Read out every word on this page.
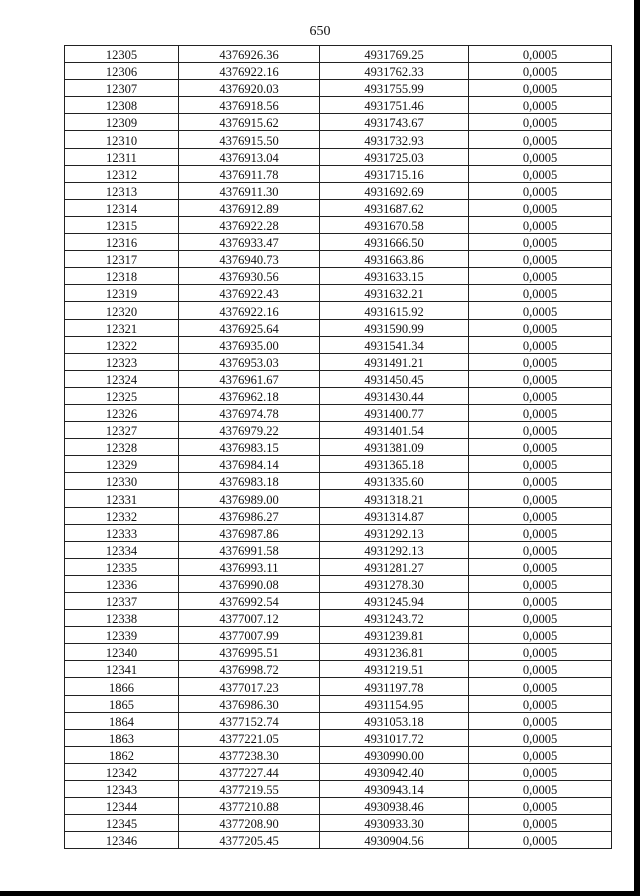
650
12305	4376926.36	4931769.25	0,0005
12306	4376922.16	4931762.33	0,0005
12307	4376920.03	4931755.99	0,0005
12308	4376918.56	4931751.46	0,0005
12309	4376915.62	4931743.67	0,0005
12310	4376915.50	4931732.93	0,0005
12311	4376913.04	4931725.03	0,0005
12312	4376911.78	4931715.16	0,0005
12313	4376911.30	4931692.69	0,0005
12314	4376912.89	4931687.62	0,0005
12315	4376922.28	4931670.58	0,0005
12316	4376933.47	4931666.50	0,0005
12317	4376940.73	4931663.86	0,0005
12318	4376930.56	4931633.15	0,0005
12319	4376922.43	4931632.21	0,0005
12320	4376922.16	4931615.92	0,0005
12321	4376925.64	4931590.99	0,0005
12322	4376935.00	4931541.34	0,0005
12323	4376953.03	4931491.21	0,0005
12324	4376961.67	4931450.45	0,0005
12325	4376962.18	4931430.44	0,0005
12326	4376974.78	4931400.77	0,0005
12327	4376979.22	4931401.54	0,0005
12328	4376983.15	4931381.09	0,0005
12329	4376984.14	4931365.18	0,0005
12330	4376983.18	4931335.60	0,0005
12331	4376989.00	4931318.21	0,0005
12332	4376986.27	4931314.87	0,0005
12333	4376987.86	4931292.13	0,0005
12334	4376991.58	4931292.13	0,0005
12335	4376993.11	4931281.27	0,0005
12336	4376990.08	4931278.30	0,0005
12337	4376992.54	4931245.94	0,0005
12338	4377007.12	4931243.72	0,0005
12339	4377007.99	4931239.81	0,0005
12340	4376995.51	4931236.81	0,0005
12341	4376998.72	4931219.51	0,0005
1866	4377017.23	4931197.78	0,0005
1865	4376986.30	4931154.95	0,0005
1864	4377152.74	4931053.18	0,0005
1863	4377221.05	4931017.72	0,0005
1862	4377238.30	4930990.00	0,0005
12342	4377227.44	4930942.40	0,0005
12343	4377219.55	4930943.14	0,0005
12344	4377210.88	4930938.46	0,0005
12345	4377208.90	4930933.30	0,0005
12346	4377205.45	4930904.56	0,0005
